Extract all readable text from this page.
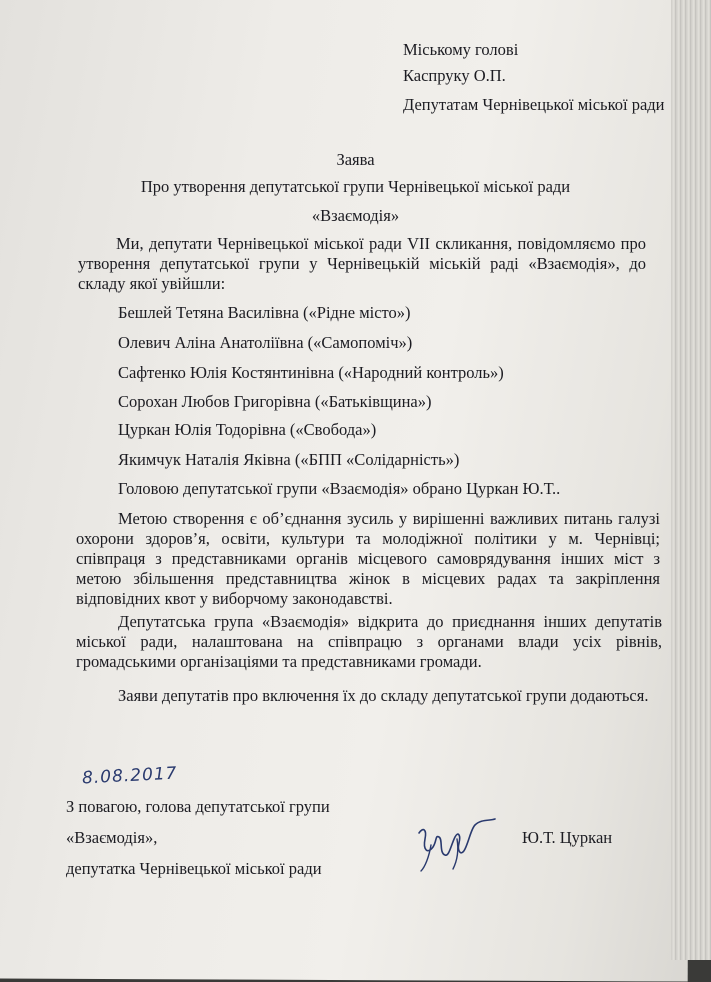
Міському голові
Каспруку О.П.
Депутатам Чернівецької міської ради
Заява
Про утворення депутатської групи Чернівецької міської ради
«Взаємодія»
Ми, депутати Чернівецької міської ради VII скликання, повідомляємо про утворення депутатської групи у Чернівецькій міській раді «Взаємодія», до складу якої увійшли:
Бешлей Тетяна Василівна («Рідне місто»)
Олевич Аліна Анатоліївна («Самопоміч»)
Сафтенко Юлія Костянтинівна («Народний контроль»)
Сорохан Любов Григорівна («Батьківщина»)
Цуркан Юлія Тодорівна («Свобода»)
Якимчук Наталія Яківна («БПП «Солідарність»)
Головою депутатської групи «Взаємодія» обрано Цуркан Ю.Т..
Метою створення є об’єднання зусиль у вирішенні важливих питань галузі охорони здоров’я, освіти, культури та молодіжної політики у м. Чернівці; співпраця з представниками органів місцевого самоврядування інших міст з метою збільшення представництва жінок в місцевих радах та закріплення відповідних квот у виборчому законодавстві.
Депутатська група «Взаємодія» відкрита до приєднання інших депутатів міської ради, налаштована на співпрацю з органами влади усіх рівнів, громадськими організаціями та представниками громади.
Заяви депутатів про включення їх до складу депутатської групи додаються.
8.08.2017
З повагою, голова депутатської групи
«Взаємодія»,
депутатка Чернівецької міської ради
Ю.Т. Цуркан
